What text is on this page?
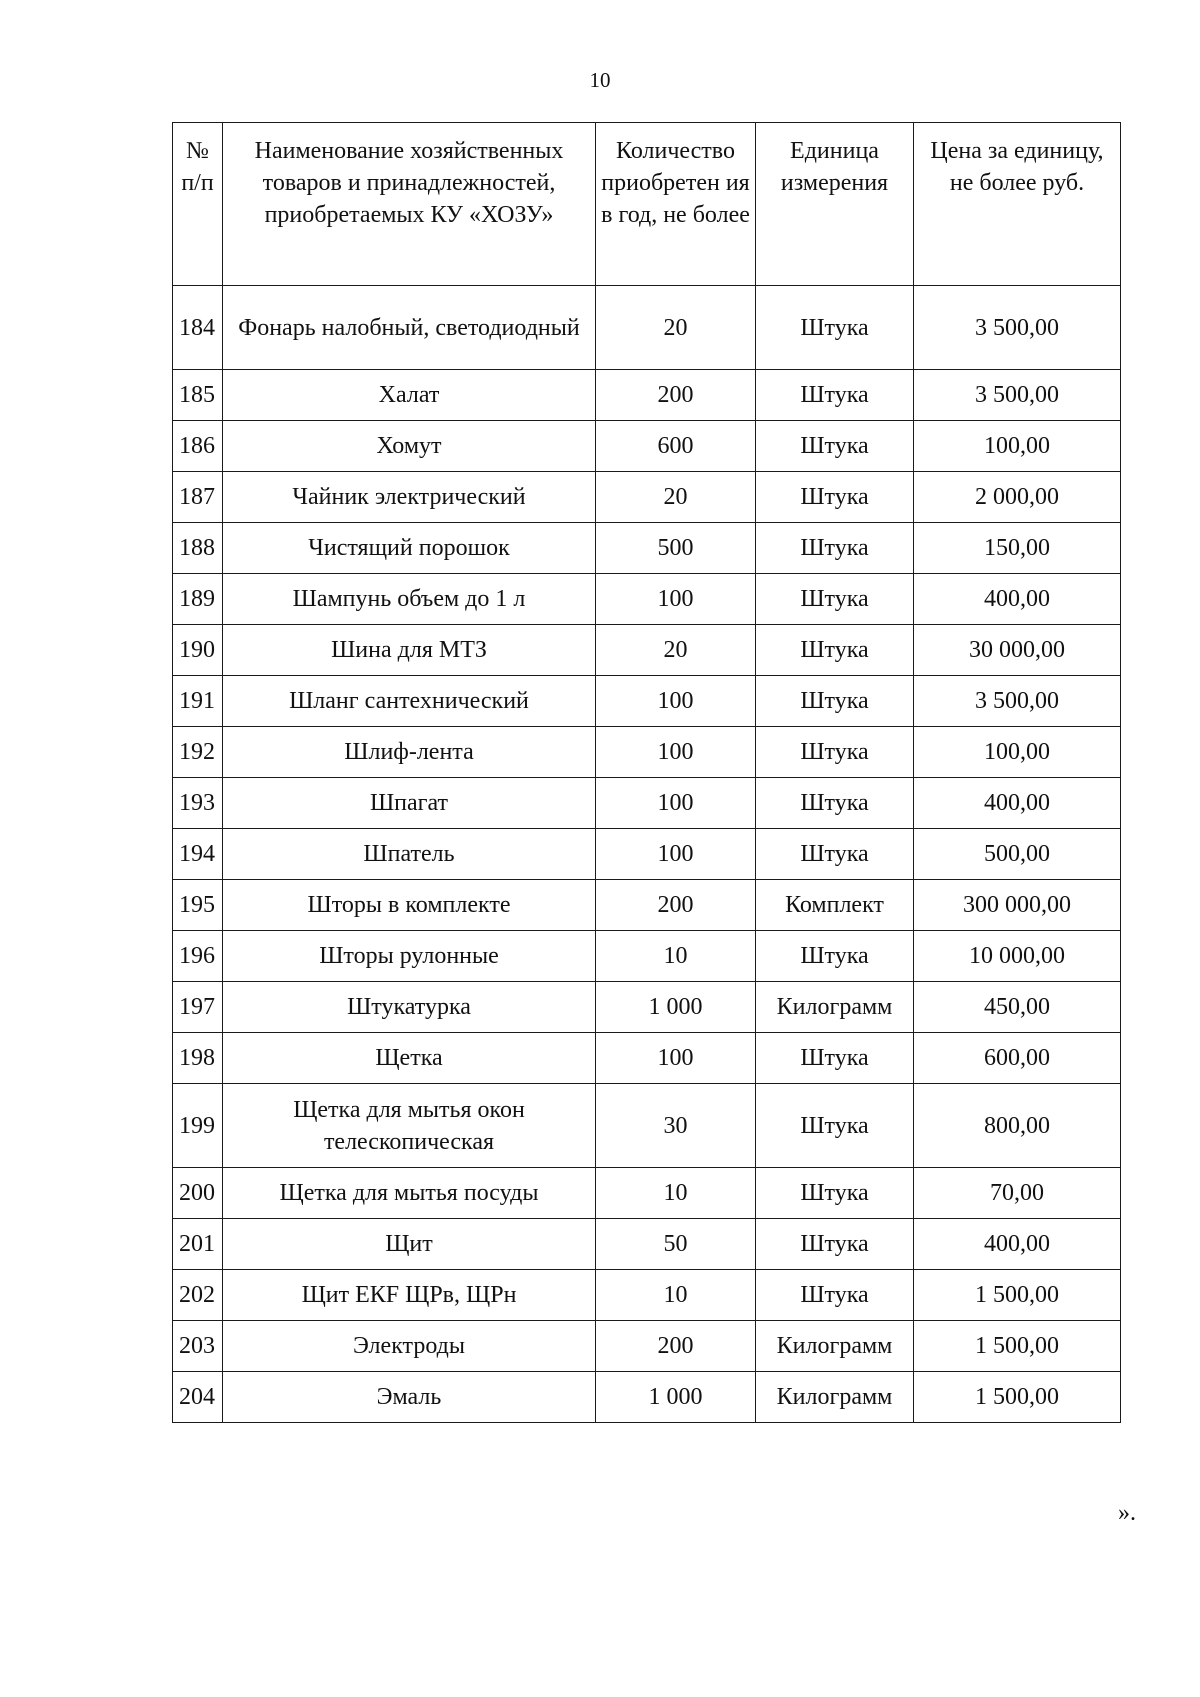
10
№ п/п	Наименование хозяйственных товаров и принадлежностей, приобретаемых КУ «ХОЗУ»	Количество приобретен ия в год, не более	Единица измерения	Цена за единицу, не более руб.
184	Фонарь налобный, светодиодный	20	Штука	3 500,00
185	Халат	200	Штука	3 500,00
186	Хомут	600	Штука	100,00
187	Чайник электрический	20	Штука	2 000,00
188	Чистящий порошок	500	Штука	150,00
189	Шампунь объем до 1 л	100	Штука	400,00
190	Шина для МТЗ	20	Штука	30 000,00
191	Шланг сантехнический	100	Штука	3 500,00
192	Шлиф-лента	100	Штука	100,00
193	Шпагат	100	Штука	400,00
194	Шпатель	100	Штука	500,00
195	Шторы в комплекте	200	Комплект	300 000,00
196	Шторы рулонные	10	Штука	10 000,00
197	Штукатурка	1 000	Килограмм	450,00
198	Щетка	100	Штука	600,00
199	Щетка для мытья окон телескопическая	30	Штука	800,00
200	Щетка для мытья посуды	10	Штука	70,00
201	Щит	50	Штука	400,00
202	Щит ЕКF ЩРв, ЩРн	10	Штука	1 500,00
203	Электроды	200	Килограмм	1 500,00
204	Эмаль	1 000	Килограмм	1 500,00
».
